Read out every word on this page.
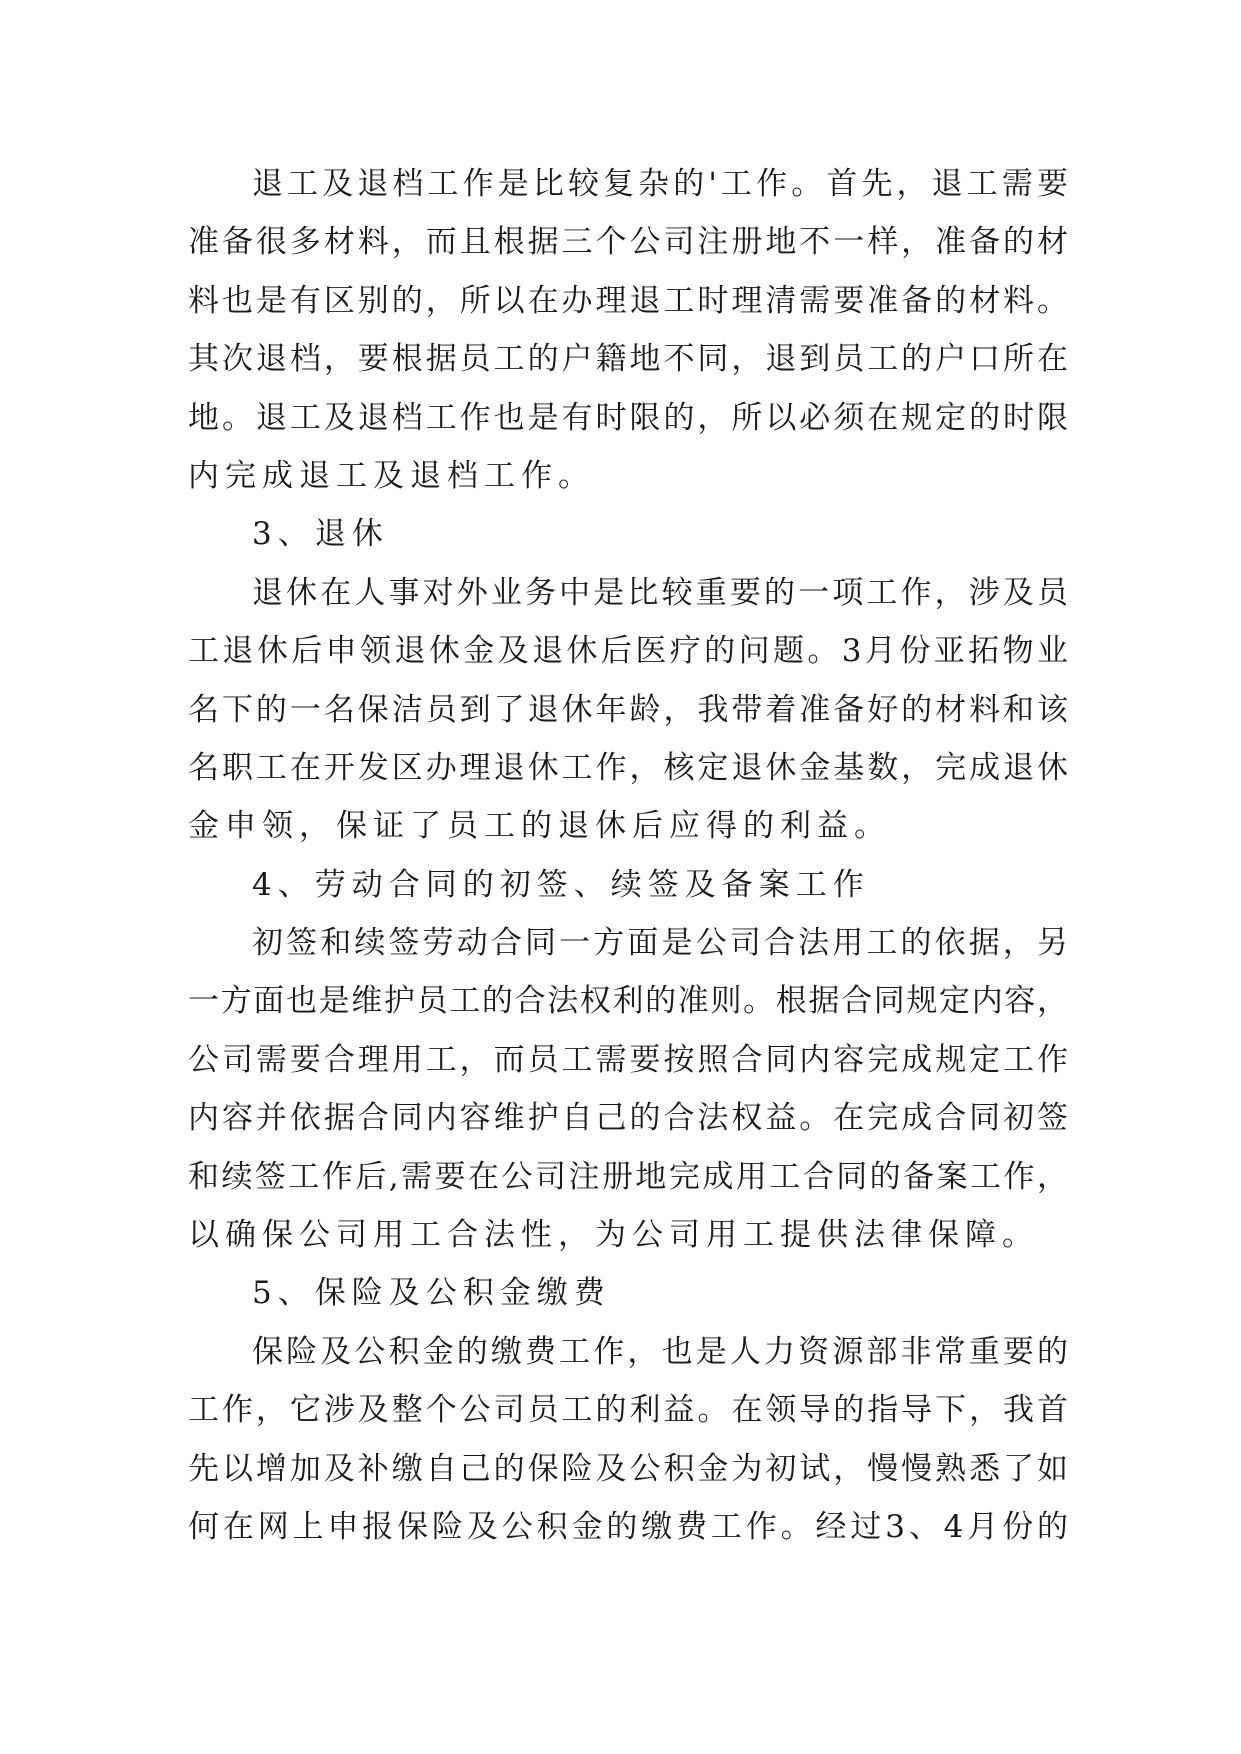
退工及退档工作是比较复杂的'工作。首先，退工需要
准备很多材料，而且根据三个公司注册地不一样，准备的材
料也是有区别的，所以在办理退工时理清需要准备的材料。
其次退档，要根据员工的户籍地不同，退到员工的户口所在
地。退工及退档工作也是有时限的，所以必须在规定的时限
内完成退工及退档工作。
3、退休
退休在人事对外业务中是比较重要的一项工作，涉及员
工退休后申领退休金及退休后医疗的问题。3月份亚拓物业
名下的一名保洁员到了退休年龄，我带着准备好的材料和该
名职工在开发区办理退休工作，核定退休金基数，完成退休
金申领，保证了员工的退休后应得的利益。
4、劳动合同的初签、续签及备案工作
初签和续签劳动合同一方面是公司合法用工的依据，另
一方面也是维护员工的合法权利的准则。根据合同规定内容，
公司需要合理用工，而员工需要按照合同内容完成规定工作
内容并依据合同内容维护自己的合法权益。在完成合同初签
和续签工作后,需要在公司注册地完成用工合同的备案工作，
以确保公司用工合法性，为公司用工提供法律保障。
5、保险及公积金缴费
保险及公积金的缴费工作，也是人力资源部非常重要的
工作，它涉及整个公司员工的利益。在领导的指导下，我首
先以增加及补缴自己的保险及公积金为初试，慢慢熟悉了如
何在网上申报保险及公积金的缴费工作。经过3、4月份的
